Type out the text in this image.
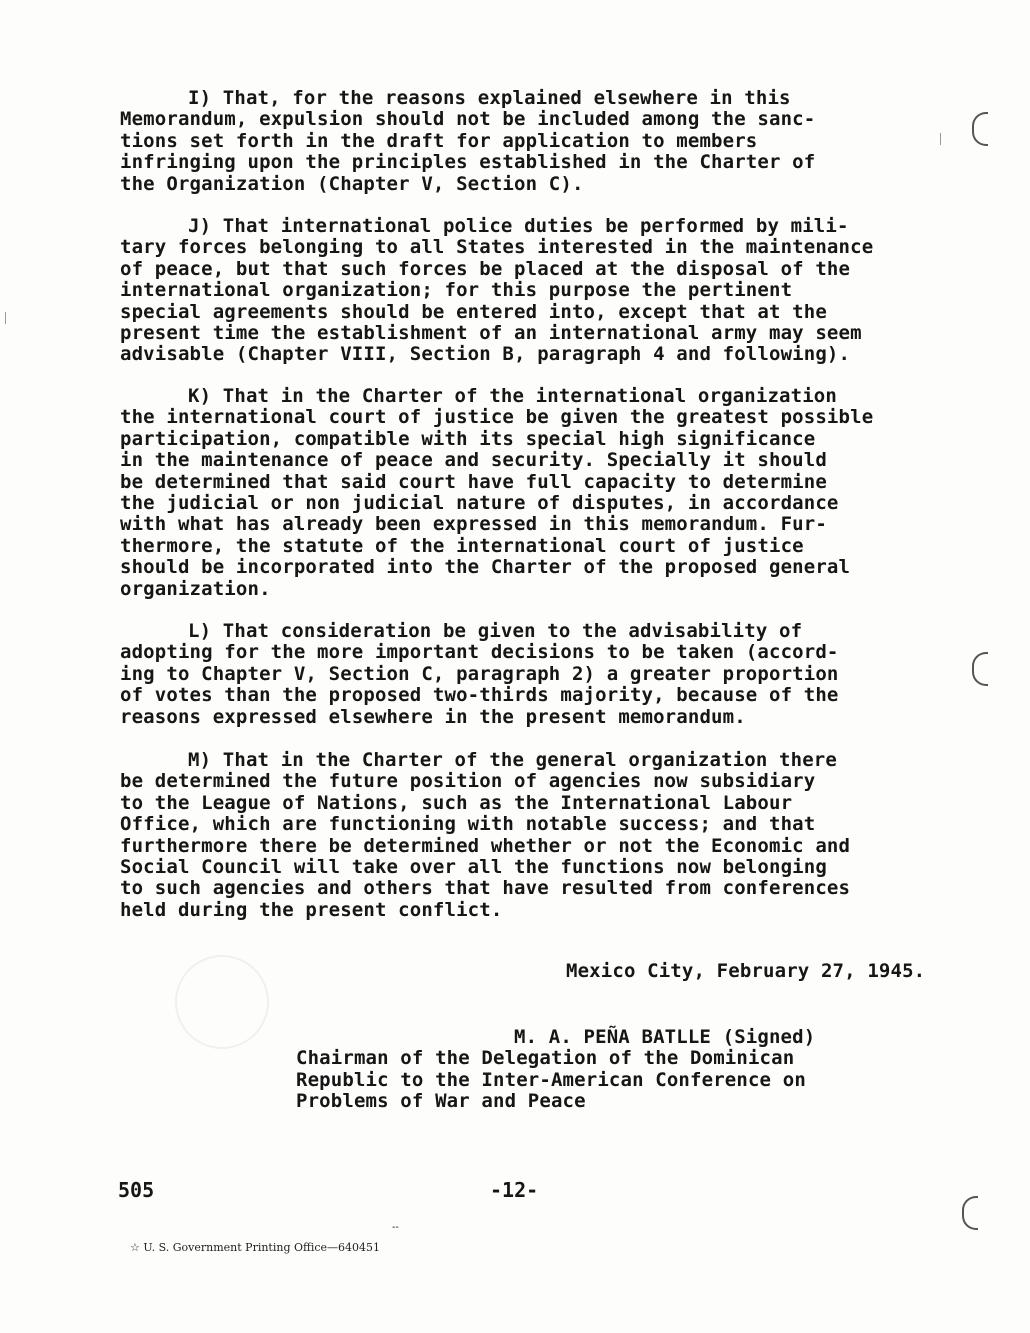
I) That, for the reasons explained elsewhere in this
Memorandum, expulsion should not be included among the sanc-
tions set forth in the draft for application to members
infringing upon the principles established in the Charter of
the Organization (Chapter V, Section C).
J) That international police duties be performed by mili-
tary forces belonging to all States interested in the maintenance
of peace, but that such forces be placed at the disposal of the
international organization; for this purpose the pertinent
special agreements should be entered into, except that at the
present time the establishment of an international army may seem
advisable (Chapter VIII, Section B, paragraph 4 and following).
K) That in the Charter of the international organization
the international court of justice be given the greatest possible
participation, compatible with its special high significance
in the maintenance of peace and security. Specially it should
be determined that said court have full capacity to determine
the judicial or non judicial nature of disputes, in accordance
with what has already been expressed in this memorandum. Fur-
thermore, the statute of the international court of justice
should be incorporated into the Charter of the proposed general
organization.
L) That consideration be given to the advisability of
adopting for the more important decisions to be taken (accord-
ing to Chapter V, Section C, paragraph 2) a greater proportion
of votes than the proposed two-thirds majority, because of the
reasons expressed elsewhere in the present memorandum.
M) That in the Charter of the general organization there
be determined the future position of agencies now subsidiary
to the League of Nations, such as the International Labour
Office, which are functioning with notable success; and that
furthermore there be determined whether or not the Economic and
Social Council will take over all the functions now belonging
to such agencies and others that have resulted from conferences
held during the present conflict.
Mexico City, February 27, 1945.
M. A. PEÑA BATLLE (Signed)
Chairman of the Delegation of the Dominican
Republic to the Inter-American Conference on
Problems of War and Peace
505	-12-

☆ U. S. Government Printing Office—640451

--
